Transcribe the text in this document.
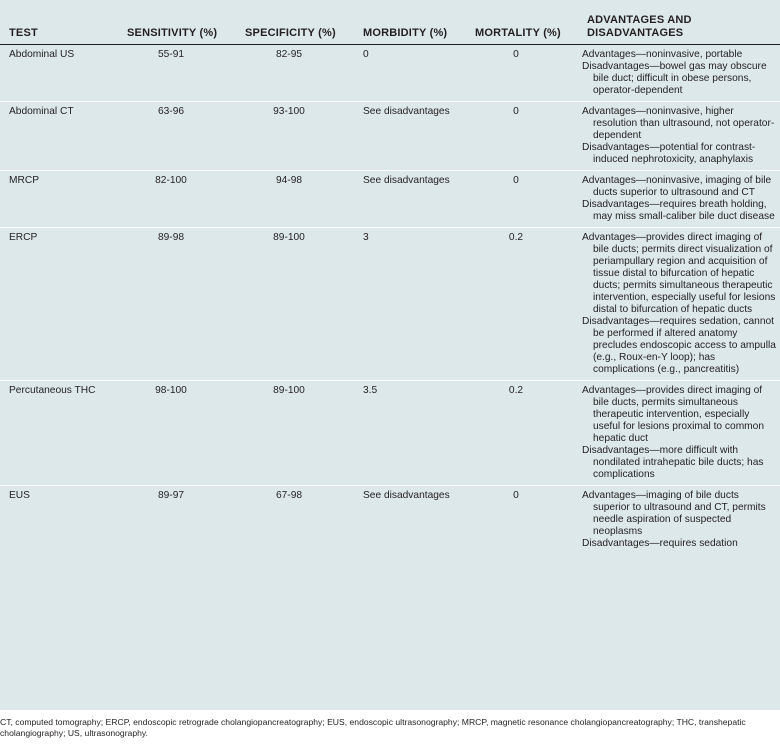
TEST	SENSITIVITY (%)	SPECIFICITY (%)	MORBIDITY (%)	MORTALITY (%)	ADVANTAGES AND
DISADVANTAGES

Abdominal US	55-91	82-95	0	0	Advantages—noninvasive, portable
Disadvantages—bowel gas may obscure bile duct; difficult in obese persons, operator-dependent

Abdominal CT	63-96	93-100	See disadvantages	0	Advantages—noninvasive, higher resolution than ultrasound, not operator-dependent
Disadvantages—potential for contrast-induced nephrotoxicity, anaphylaxis

MRCP	82-100	94-98	See disadvantages	0	Advantages—noninvasive, imaging of bile ducts superior to ultrasound and CT
Disadvantages—requires breath holding, may miss small-caliber bile duct disease

ERCP	89-98	89-100	3	0.2	Advantages—provides direct imaging of bile ducts; permits direct visualization of periampullary region and acquisition of tissue distal to bifurcation of hepatic ducts; permits simultaneous therapeutic intervention, especially useful for lesions distal to bifurcation of hepatic ducts
Disadvantages—requires sedation, cannot be performed if altered anatomy precludes endoscopic access to ampulla (e.g., Roux-en-Y loop); has complications (e.g., pancreatitis)

Percutaneous THC	98-100	89-100	3.5	0.2	Advantages—provides direct imaging of bile ducts, permits simultaneous therapeutic intervention, especially useful for lesions proximal to common hepatic duct
Disadvantages—more difficult with nondilated intrahepatic bile ducts; has complications

EUS	89-97	67-98	See disadvantages	0	Advantages—imaging of bile ducts superior to ultrasound and CT, permits needle aspiration of suspected neoplasms
Disadvantages—requires sedation
CT, computed tomography; ERCP, endoscopic retrograde cholangiopancreatography; EUS, endoscopic ultrasonography; MRCP, magnetic resonance cholangiopancreatography; THC, transhepatic cholangiography; US, ultrasonography.
